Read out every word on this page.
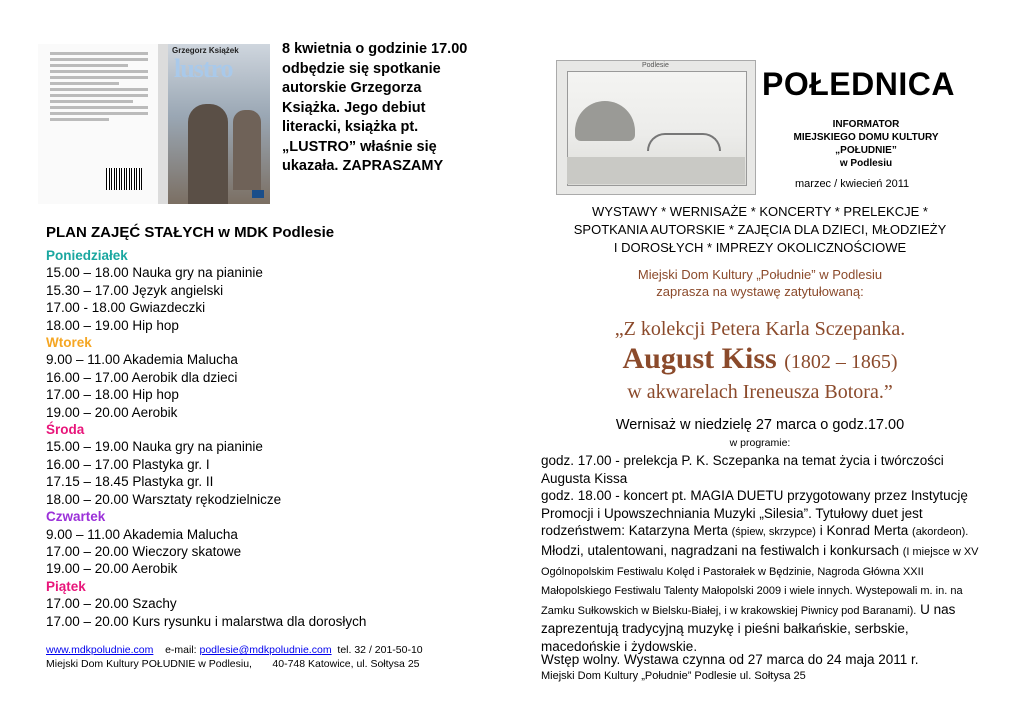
Grzegorz Książek
lustro
8 kwietnia o godzinie 17.00 odbędzie się spotkanie autorskie Grzegorza Książka. Jego debiut literacki, książka pt. „LUSTRO” właśnie się ukazała. ZAPRASZAMY
PLAN ZAJĘĆ STAŁYCH w MDK Podlesie
Poniedziałek
15.00 – 18.00 Nauka gry na pianinie
15.30 – 17.00 Język angielski
17.00 - 18.00 Gwiazdeczki
18.00 – 19.00 Hip hop
Wtorek
9.00 – 11.00 Akademia Malucha
16.00 – 17.00 Aerobik dla dzieci
17.00 – 18.00 Hip hop
19.00 – 20.00 Aerobik
Środa
15.00 – 19.00 Nauka gry na pianinie
16.00 – 17.00 Plastyka gr. I
17.15 – 18.45 Plastyka gr. II
18.00 – 20.00 Warsztaty rękodzielnicze
Czwartek
9.00 – 11.00 Akademia Malucha
17.00 – 20.00 Wieczory skatowe
19.00 – 20.00 Aerobik
Piątek
17.00 – 20.00 Szachy
17.00 – 20.00 Kurs rysunku i malarstwa dla dorosłych
www.mdkpoludnie.com e-mail: podlesie@mdkpoludnie.com tel. 32 / 201-50-10
Miejski Dom Kultury POŁUDNIE w Podlesiu, 40-748 Katowice, ul. Sołtysa 25
Podlesie
POŁEDNICA
INFORMATOR
MIEJSKIEGO DOMU KULTURY
„POŁUDNIE”
w Podlesiu
marzec / kwiecień 2011
WYSTAWY * WERNISAŻE * KONCERTY * PRELEKCJE *
SPOTKANIA AUTORSKIE * ZAJĘCIA DLA DZIECI, MŁODZIEŻY
I DOROSŁYCH * IMPREZY OKOLICZNOŚCIOWE
Miejski Dom Kultury „Południe” w Podlesiu
zaprasza na wystawę zatytułowaną:
„Z kolekcji Petera Karla Sczepanka.
August Kiss (1802 – 1865)
w akwarelach Ireneusza Botora.”
Wernisaż w niedzielę 27 marca o godz.17.00
w programie:
godz. 17.00 - prelekcja P. K. Sczepanka na temat życia i twórczości Augusta Kissa
godz. 18.00 - koncert pt. MAGIA DUETU przygotowany przez Instytucję Promocji i Upowszechniania Muzyki „Silesia”. Tytułowy duet jest rodzeństwem: Katarzyna Merta (śpiew, skrzypce) i Konrad Merta (akordeon). Młodzi, utalentowani, nagradzani na festiwalch i konkursach (I miejsce w XV Ogólnopolskim Festiwalu Kolęd i Pastorałek w Będzinie, Nagroda Główna XXII Małopolskiego Festiwalu Talenty Małopolski 2009 i wiele innych. Wystepowali m. in. na Zamku Sułkowskich w Bielsku-Białej, i w krakowskiej Piwnicy pod Baranami). U nas zaprezentują tradycyjną muzykę i pieśni bałkańskie, serbskie, macedońskie i żydowskie.
Wstęp wolny. Wystawa czynna od 27 marca do 24 maja 2011 r.
Miejski Dom Kultury „Południe” Podlesie ul. Sołtysa 25
